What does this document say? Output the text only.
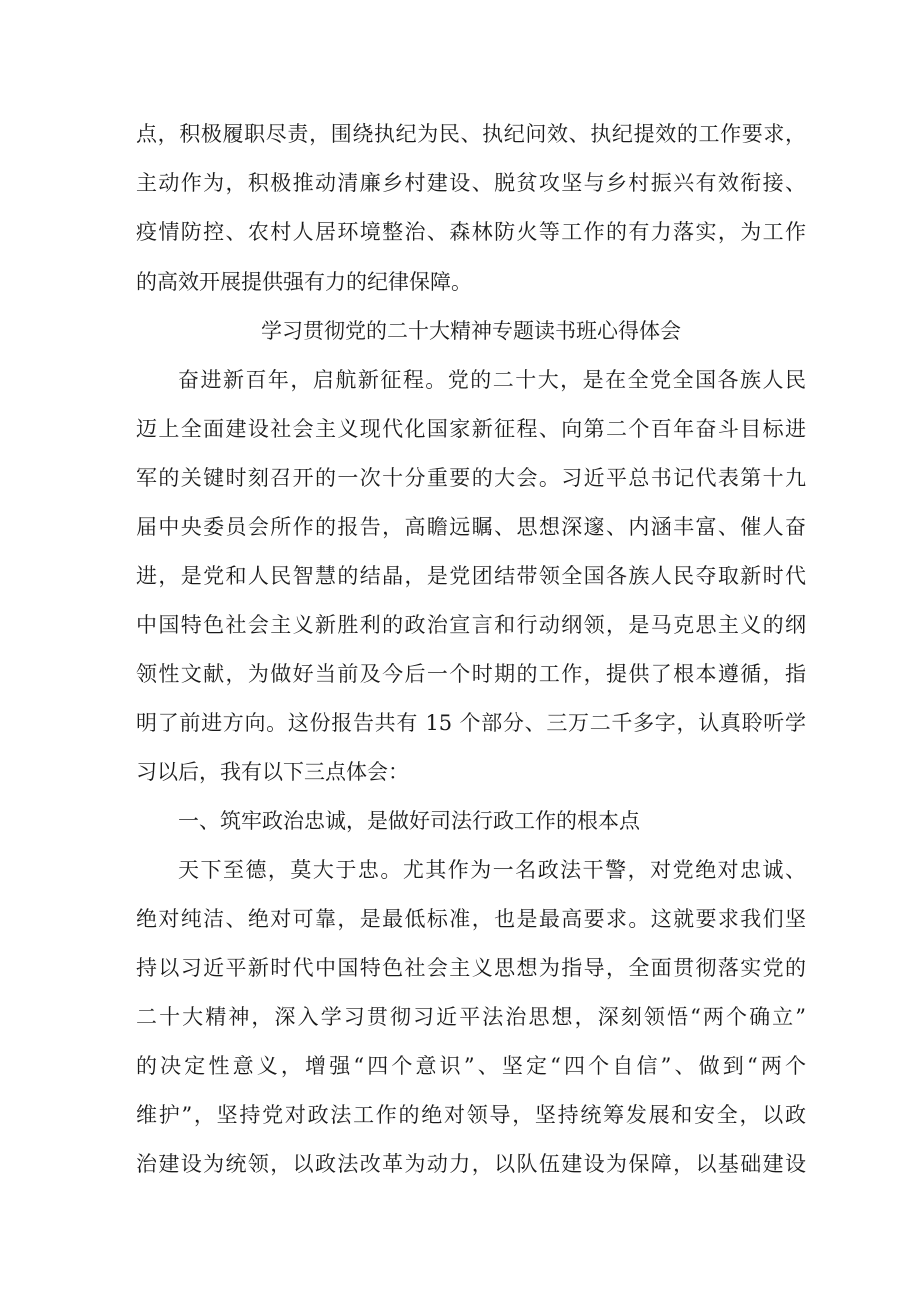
点，积极履职尽责，围绕执纪为民、执纪问效、执纪提效的工作要求，
主动作为，积极推动清廉乡村建设、脱贫攻坚与乡村振兴有效衔接、
疫情防控、农村人居环境整治、森林防火等工作的有力落实，为工作
的高效开展提供强有力的纪律保障。
学习贯彻党的二十大精神专题读书班心得体会
奋进新百年，启航新征程。党的二十大，是在全党全国各族人民
迈上全面建设社会主义现代化国家新征程、向第二个百年奋斗目标进
军的关键时刻召开的一次十分重要的大会。习近平总书记代表第十九
届中央委员会所作的报告，高瞻远瞩、思想深邃、内涵丰富、催人奋
进，是党和人民智慧的结晶，是党团结带领全国各族人民夺取新时代
中国特色社会主义新胜利的政治宣言和行动纲领，是马克思主义的纲
领性文献，为做好当前及今后一个时期的工作，提供了根本遵循，指
明了前进方向。这份报告共有 15 个部分、三万二千多字，认真聆听学
习以后，我有以下三点体会：
一、筑牢政治忠诚，是做好司法行政工作的根本点
天下至德，莫大于忠。尤其作为一名政法干警，对党绝对忠诚、
绝对纯洁、绝对可靠，是最低标准，也是最高要求。这就要求我们坚
持以习近平新时代中国特色社会主义思想为指导，全面贯彻落实党的
二十大精神，深入学习贯彻习近平法治思想，深刻领悟“两个确立”
的决定性意义，增强“四个意识”、坚定“四个自信”、做到“两个
维护”，坚持党对政法工作的绝对领导，坚持统筹发展和安全，以政
治建设为统领，以政法改革为动力，以队伍建设为保障，以基础建设
